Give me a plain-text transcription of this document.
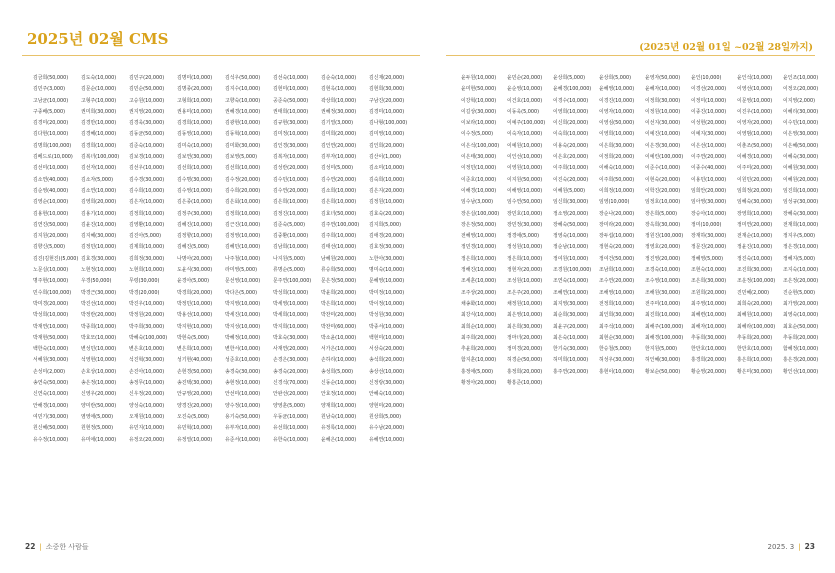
2025년 02월 CMS	(2025년 02월 01일 ~02월 28일까지)
김금희(50,000)	김도숙(10,000)	김민구(20,000)	김명미(10,000)	김석우(50,000)	김선숙(10,000)	김순숙(10,000)	김신재(20,000)
김민주(3,000)	김문순(10,000)	김민순(50,000)	김명종(20,000)	김지수(10,000)	김현미(10,000)	김현옥(10,000)	김현희(30,000)
고남균(10,000)	고형주(10,000)	고승원(10,000)	고형희(10,000)	고향숙(10,000)	공준숙(50,000)	곽상희(10,000)	구남진(20,000)
구종배(5,000)	권미희(30,000)	권지영(20,000)	권용미(10,000)	권혜경(10,000)	권태희(10,000)	권혜정(30,000)	김경미(10,000)
김경미(20,000)	김경만(10,000)	김경욱(30,000)	김경희(10,000)	김광현(10,000)	김규현(30,000)	김기열(3,000)	김나형(100,000)
김다현(10,000)	김경혜(10,000)	김동균(50,000)	김동영(10,000)	김동혁(10,000)	김미정(10,000)	김미희(20,000)	김미영(10,000)
김명희(100,000)	김경희(10,000)	김준숙(10,000)	김미숙(10,000)	김미화(30,000)	김인경(30,000)	김인연(20,000)	김인희(20,000)
김베드로(10,000)	김복녀(100,000)	김보경(10,000)	김보연(30,000)	김보영(5,000)	김복자(10,000)	김부자(10,000)	김산이(1,000)
김선미(10,000)	김선자(10,000)	김선우(10,000)	김선희(10,000)	김선희(10,000)	김성란(20,000)	김성미(5,000)	김소미(10,000)
김소연(40,000)	김소자(5,000)	김수경(30,000)	김수명(30,000)	김수정(20,000)	김수민(10,000)	김수연(20,000)	김숙희(10,000)
김순영(40,000)	김소연(10,000)	김수희(10,000)	김수영(10,000)	김수희(20,000)	김수연(20,000)	김소희(10,000)	김은지(20,000)
김영순(10,000)	김영희(20,000)	김은자(10,000)	김은종(10,000)	김은회(10,000)	김은희(10,000)	김은희(10,000)	김정원(10,000)
김용현(10,000)	김용기(10,000)	김정희(10,000)	김정주(30,000)	김정희(10,000)	김정진(10,000)	김효녀(50,000)	김효숙(20,000)
김연진(50,000)	김윤진(10,000)	김영환(10,000)	김혜진(10,000)	김근진(10,000)	김준숙(5,000)	김주연(100,000)	김지희(5,000)
김지원(20,000)	김지혜(30,000)	김진아(5,000)	김정향(10,000)	김정영(10,000)	김중환(10,000)	김주희(10,000)	김애경(20,000)
김향신(5,000)	김정민(10,000)	김제희(10,000)	김혜진(5,000)	김혜민(10,000)	김남희(10,000)	김태선(10,000)	김효정(30,000)
김진(김현진)(5,000) 김효경(30,000)	김희정(30,000)	나명아(20,000)	나주철(10,000)	나지원(5,000)	남혜원(20,000)	노한아(30,000)
노문실(10,000)	노현정(10,000)	노현희(10,000)	도윤식(30,000)	라미영(5,000)	류명순(5,000)	류승희(50,000)	명미숙(10,000)
명주현(10,000)	우경(50,000)	무령(30,000)	윤경아(5,000)	문선영(10,000)	문주연(100,000)	문은정(50,000)	문혜영(10,000)
민수희(100,000)	박경근(30,000)	박경(20,000)	박경희(20,000)	박다은(5,000)	박성희(10,000)	박윤희(20,000)	박미정(10,000)
박미경(20,000)	박진선(10,000)	박진우(10,000)	박정민(10,000)	박지영(10,000)	박세영(10,000)	박은희(10,000)	박이정(10,000)
박성희(10,000)	박정란(20,000)	박정원(20,000)	박용선(10,000)	박세진(10,000)	박세희(10,000)	박찬미(20,000)	박성원(30,000)
박재연(10,000)	박종희(10,000)	박주희(30,000)	박지현(10,000)	박지성(10,000)	박지희(10,000)	박찬미(60,000)	박종서(10,000)
박재현(50,000)	박효모(10,000)	박혜숙(100,000)	박현숙(5,000)	박혜정(10,000)	박효숙(30,000)	박소윤(10,000)	백현미(10,000)
백한숙(10,000)	변성민(10,000)	변은호(10,000)	변은희(10,000)	변한서(10,000)	사재연(20,000)	서가은(10,000)	서상숙(20,000)
서혜원(30,000)	석영현(10,000)	석진혁(30,000)	성기현(40,000)	성준호(10,000)	손경은(30,000)	손하리(10,000)	송석희(20,000)
손성미(2,000)	손호상(10,000)	손진아(10,000)	손현경(50,000)	송경숙(30,000)	송경숙(20,000)	송성희(5,000)	송상선(10,000)
송연숙(50,000)	송은정(10,000)	송정무(10,000)	송진택(30,000)	송현정(10,000)	신경석(70,000)	신동순(10,000)	신정랑(30,000)
신연숙(10,000)	신영우(20,000)	신우정(20,000)	안규영(20,000)	안선미(10,000)	안완선(20,000)	안효정(10,000)	안혜숙(10,000)
안해경(10,000)	양미란(50,000)	양성숙(10,000)	양경진(20,000)	양수정(10,000)	양영훈(5,000)	양재희(10,000)	양현미(20,000)
여민기(30,000)	염영애(5,000)	오재원(10,000)	오진숙(5,000)	용기숙(50,000)	우동균(10,000)	원남숙(10,000)	원상희(5,000)
원신혜(50,000)	원현정(5,000)	유민지(10,000)	유민혁(10,000)	유부자(10,000)	유선희(10,000)	유정록(10,000)	유수남(20,000)
유수정(10,000)	유미애(10,000)	유정오(20,000)	유정열(10,000)	유준서(10,000)	유한숙(10,000)	윤혜은(10,000)	유혜연(10,000)
윤두원(10,000)	윤민순(20,000)	윤상희(5,000)	윤상희(5,000)	윤영자(50,000)	윤인(10,000)	윤인석(10,000)	윤인조(10,000)
윤미현(50,000)	윤순영(10,000)	윤혜경(100,000)	윤혜영(10,000)	윤혜자(10,000)	이경선(20,000)	이영선(10,000)	이정오(20,000)
이강혁(10,000)	이건호(10,000)	이경수(10,000)	이경진(10,000)	이정희(30,000)	이정미(10,000)	이문영(10,000)	이지영(2,000)
이길상(30,000)	이동욱(5,000)	이영희(10,000)	이영자(10,000)	이정원(10,000)	이종진(10,000)	이진우(10,000)	이혜리(30,000)
이보라(10,000)	이예주(100,000)	이신희(20,000)	이영심(50,000)	이선지(30,000)	이성현(20,000)	이영자(20,000)	이수민(10,000)
이수정(5,000)	이숙자(10,000)	이숙희(10,000)	이영희(10,000)	이예진(10,000)	이예지(30,000)	이영범(10,000)	이은영(30,000)
이은석(100,000)	이예원(10,000)	이용숙(20,000)	이은희(30,000)	이은경(30,000)	이은선(10,000)	이춘조(50,000)	이은혜(50,000)
이은태(30,000)	이인선(10,000)	이은호(20,000)	이정희(20,000)	이예린(100,000)	이주연(20,000)	이혜경(10,000)	이혜숙(30,000)
이정민(10,000)	이영원(10,000)	이주희(10,000)	이해숙(10,000)	이준수(10,000)	이종수(40,000)	이주미(20,000)	이혜원(30,000)
이준호(10,000)	이지원(50,000)	이진숙(20,000)	이주희(50,000)	이현숙(20,000)	이용민(10,000)	이원민(20,000)	이혜원(20,000)
이해경(10,000)	이해영(10,000)	이혜원(5,000)	이희정(10,000)	이학진(20,000)	임희안(20,000)	임희정(20,000)	임진희(10,000)
임수남(3,000)	임수연(50,000)	임신희(30,000)	임영(10,000)	임정호(10,000)	임아영(30,000)	임혜숙(30,000)	임성규(30,000)
장은실(100,000)	장민호(10,000)	정소영(20,000)	장순나(20,000)	장은희(5,000)	장승아(10,000)	장영희(10,000)	장혜숙(30,000)
장은정(50,000)	장민정(30,000)	장혜숙(50,000)	장미라(20,000)	장옥희(30,000)	정미(10,000)	정미연(20,000)	전재희(10,000)
전혜영(10,000)	정경애(5,000)	정영숙(10,000)	장두섭(10,000)	정원진(100,000)	장재하(30,000)	전재순(10,000)	정지우(5,000)
정민경(10,000)	정성원(10,000)	정순남(10,000)	정현숙(20,000)	정영호(20,000)	정문진(20,000)	정윤진(10,000)	정은경(10,000)
정은희(10,000)	정은희(10,000)	정여원(10,000)	정여건(50,000)	정진영(20,000)	정혜영(5,000)	정진숙(10,000)	정혜지(5,000)
정해진(10,000)	정현자(20,000)	조경원(100,000)	조남희(10,000)	조경숙(10,000)	조현숙(10,000)	조진희(30,000)	조지숙(10,000)
조세훈(10,000)	조성원(10,000)	조연숙(10,000)	조수연(20,000)	조수영(10,000)	조은희(30,000)	조운정(100,000)	조은정(20,000)
조주상(20,000)	조은주(20,000)	조혜연(10,000)	조해영(10,000)	조해원(30,000)	조원희(20,000)	진민혜(2,000)	진순현(5,000)
채송화(10,000)	채정원(10,000)	최지영(30,000)	전정희(10,000)	전주미(10,000)	최주영(10,000)	최희숙(20,000)	최가영(20,000)
최강식(10,000)	최은영(10,000)	최순희(30,000)	최인희(30,000)	최진희(10,000)	최혜련(10,000)	최혜원(10,000)	최영숙(10,000)
최희순(10,000)	최은희(30,000)	최윤구(20,000)	최주석(10,000)	최해주(100,000)	최해자(10,000)	최혜라(100,000)	최효순(50,000)
최주희(20,000)	정마녀(20,000)	최은숙(10,000)	최현순(30,000)	최해경(100,000)	추동희(30,000)	추동희(20,000)	추동희(20,000)
추윤희(20,000)	정미경(20,000)	한기숙(30,000)	한승철(5,000)	한지원(5,000)	한만호(10,000)	한만호(10,000)	함혜정(10,000)
함지훈(10,000)	허경순(50,000)	허미희(10,000)	허성우(30,000)	허인혜(30,000)	홍경희(20,000)	홍은희(10,000)	홍은경(20,000)
홍정애(5,000)	홍정희(20,000)	홍주연(20,000)	홍현이(10,000)	황보순(50,000)	황순영(20,000)	황은미(30,000)	황인선(10,000)
황정아(20,000)	황흥준(10,000)
22 | 소중한 사람들	2025. 3 | 23
